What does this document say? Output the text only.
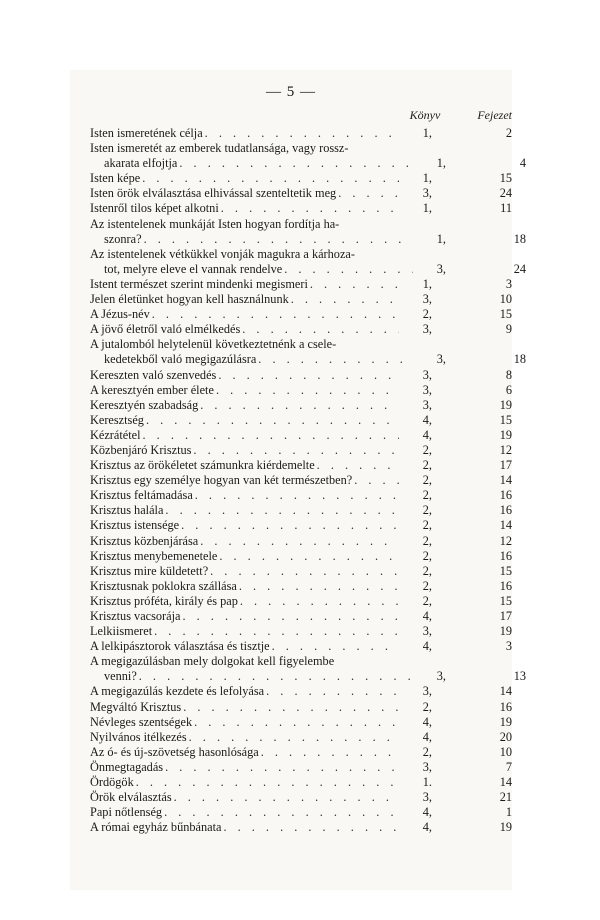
— 5 —
Könyv	Fejezet
Isten ismeretének célja . . .	1,	2
Isten ismeretét az emberek tudatlansága, vagy rossz-
akarata elfojtja . . .	1,	4
Isten képe . . .	1,	15
Isten örök elválasztása elhivással szenteltetik meg . . .	3,	24
Istenről tilos képet alkotni . . .	1,	11
Az istentelenek munkáját Isten hogyan fordítja ha-
szonra? . . .	1,	18
Az istentelenek vétkükkel vonják magukra a kárhoza-
tot, melyre eleve el vannak rendelve . . .	3,	24
Istent természet szerint mindenki megismeri . . .	1,	3
Jelen életünket hogyan kell használnunk . . .	3,	10
A Jézus-név . . .	2,	15
A jövő életről való elmélkedés . . .	3,	9
A jutalomból helytelenül következtetnénk a csele-
kedetekből való megigazúlásra . . .	3,	18
Kereszten való szenvedés . . .	3,	8
A keresztyén ember élete . . .	3,	6
Keresztyén szabadság . . .	3,	19
Keresztség . . .	4,	15
Kézrátétel . . .	4,	19
Közbenjáró Krisztus . . .	2,	12
Krisztus az örökéletet számunkra kiérdemelte . . .	2,	17
Krisztus egy személye hogyan van két természetben? . . .	2,	14
Krisztus feltámadása . . .	2,	16
Krisztus halála . . .	2,	16
Krisztus istensége . . .	2,	14
Krisztus közbenjárása . . .	2,	12
Krisztus menybemenetele . . .	2,	16
Krisztus mire küldetett? . . .	2,	15
Krisztusnak poklokra szállása . . .	2,	16
Krisztus próféta, király és pap . . .	2,	15
Krisztus vacsorája . . .	4,	17
Lelkiismeret . . .	3,	19
A lelkipásztorok választása és tisztje . . .	4,	3
A megigazúlásban mely dolgokat kell figyelembe
venni? . . .	3,	13
A megigazúlás kezdete és lefolyása . . .	3,	14
Megváltó Krisztus . . .	2,	16
Névleges szentségek . . .	4,	19
Nyilvános itélkezés . . .	4,	20
Az ó- és új-szövetség hasonlósága . . .	2,	10
Önmegtagadás . . .	3,	7
Ördögök . . .	1.	14
Örök elválasztás . . .	3,	21
Papi nőtlenség . . .	4,	1
A római egyház bűnbánata . . .	4,	19
